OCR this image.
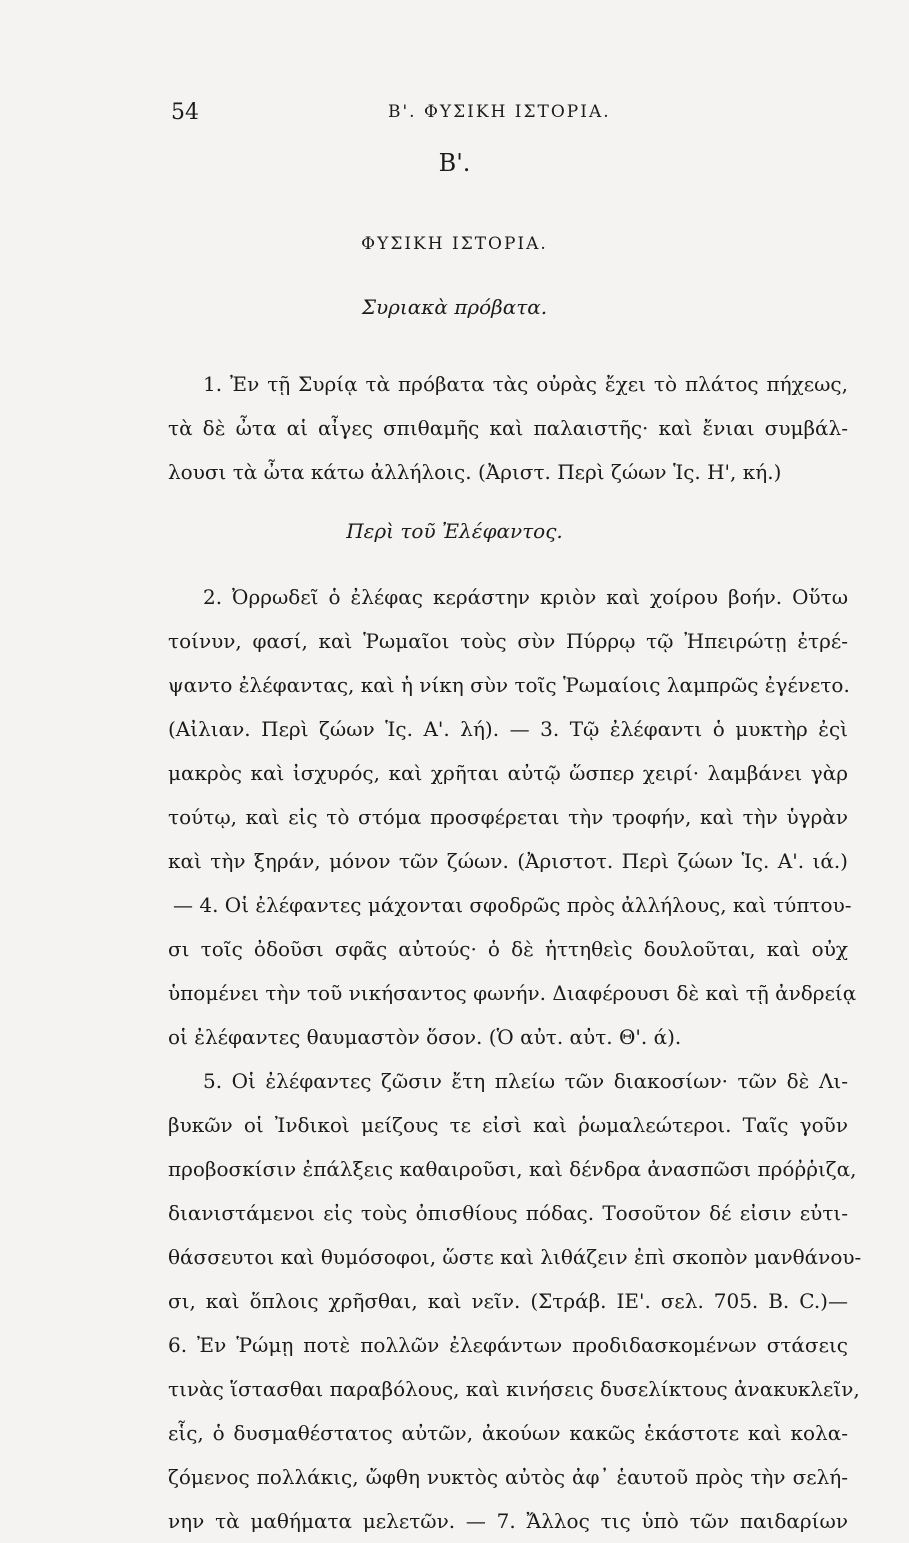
54	Β'. ΦΥΣΙΚΗ ΙΣΤΟΡΙΑ.
Β'.
ΦΥΣΙΚΗ ΙΣΤΟΡΙΑ.
Συριακὰ πρόβατα.
1. Ἐν τῇ Συρίᾳ τὰ πρόβατα τὰς οὐρὰς ἔχει τὸ πλάτος πήχεως,
τὰ δὲ ὦτα αἱ αἶγες σπιθαμῆς καὶ παλαιστῆς· καὶ ἔνιαι συμβάλ-
λουσι τὰ ὦτα κάτω ἀλλήλοις. (Ἀριστ. Περὶ ζώων Ἱς. Η', κή.)
Περὶ τοῦ Ἐλέφαντος.
2. Ὀρρωδεῖ ὁ ἐλέφας κεράστην κριὸν καὶ χοίρου βοήν. Οὕτω
τοίνυν, φασί, καὶ Ῥωμαῖοι τοὺς σὺν Πύρρῳ τῷ Ἠπειρώτῃ ἐτρέ-
ψαντο ἐλέφαντας, καὶ ἡ νίκη σὺν τοῖς Ῥωμαίοις λαμπρῶς ἐγένετο.
(Αἰλιαν. Περὶ ζώων Ἱς. Α'. λή). — 3. Τῷ ἐλέφαντι ὁ μυκτὴρ ἐςὶ
μακρὸς καὶ ἰσχυρός, καὶ χρῆται αὐτῷ ὥσπερ χειρί· λαμβάνει γὰρ
τούτῳ, καὶ εἰς τὸ στόμα προσφέρεται τὴν τροφήν, καὶ τὴν ὑγρὰν
καὶ τὴν ξηράν, μόνον τῶν ζώων. (Ἀριστοτ. Περὶ ζώων Ἱς. Α'. ιά.)
— 4. Οἱ ἐλέφαντες μάχονται σφοδρῶς πρὸς ἀλλήλους, καὶ τύπτου-
σι τοῖς ὀδοῦσι σφᾶς αὐτούς· ὁ δὲ ἡττηθεὶς δουλοῦται, καὶ οὐχ
ὑπομένει τὴν τοῦ νικήσαντος φωνήν. Διαφέρουσι δὲ καὶ τῇ ἀνδρείᾳ
οἱ ἐλέφαντες θαυμαστὸν ὅσον. (Ὁ αὐτ. αὐτ. Θ'. ά).
5. Οἱ ἐλέφαντες ζῶσιν ἔτη πλείω τῶν διακοσίων· τῶν δὲ Λι-
βυκῶν οἱ Ἰνδικοὶ μείζους τε εἰσὶ καὶ ῥωμαλεώτεροι. Ταῖς γοῦν
προβοσκίσιν ἐπάλξεις καθαιροῦσι, καὶ δένδρα ἀνασπῶσι πρόῤῥιζα,
διανιστάμενοι εἰς τοὺς ὀπισθίους πόδας. Τοσοῦτον δέ εἰσιν εὐτι-
θάσσευτοι καὶ θυμόσοφοι, ὥστε καὶ λιθάζειν ἐπὶ σκοπὸν μανθάνου-
σι, καὶ ὅπλοις χρῆσθαι, καὶ νεῖν. (Στράβ. ΙΕ'. σελ. 705. Β. C.)—
6. Ἐν Ῥώμῃ ποτὲ πολλῶν ἐλεφάντων προδιδασκομένων στάσεις
τινὰς ἵστασθαι παραβόλους, καὶ κινήσεις δυσελίκτους ἀνακυκλεῖν,
εἷς, ὁ δυσμαθέστατος αὐτῶν, ἀκούων κακῶς ἑκάστοτε καὶ κολα-
ζόμενος πολλάκις, ὤφθη νυκτὸς αὐτὸς ἀφ᾽ ἑαυτοῦ πρὸς τὴν σελή-
νην τὰ μαθήματα μελετῶν. — 7. Ἄλλος τις ὑπὸ τῶν παιδαρίων
